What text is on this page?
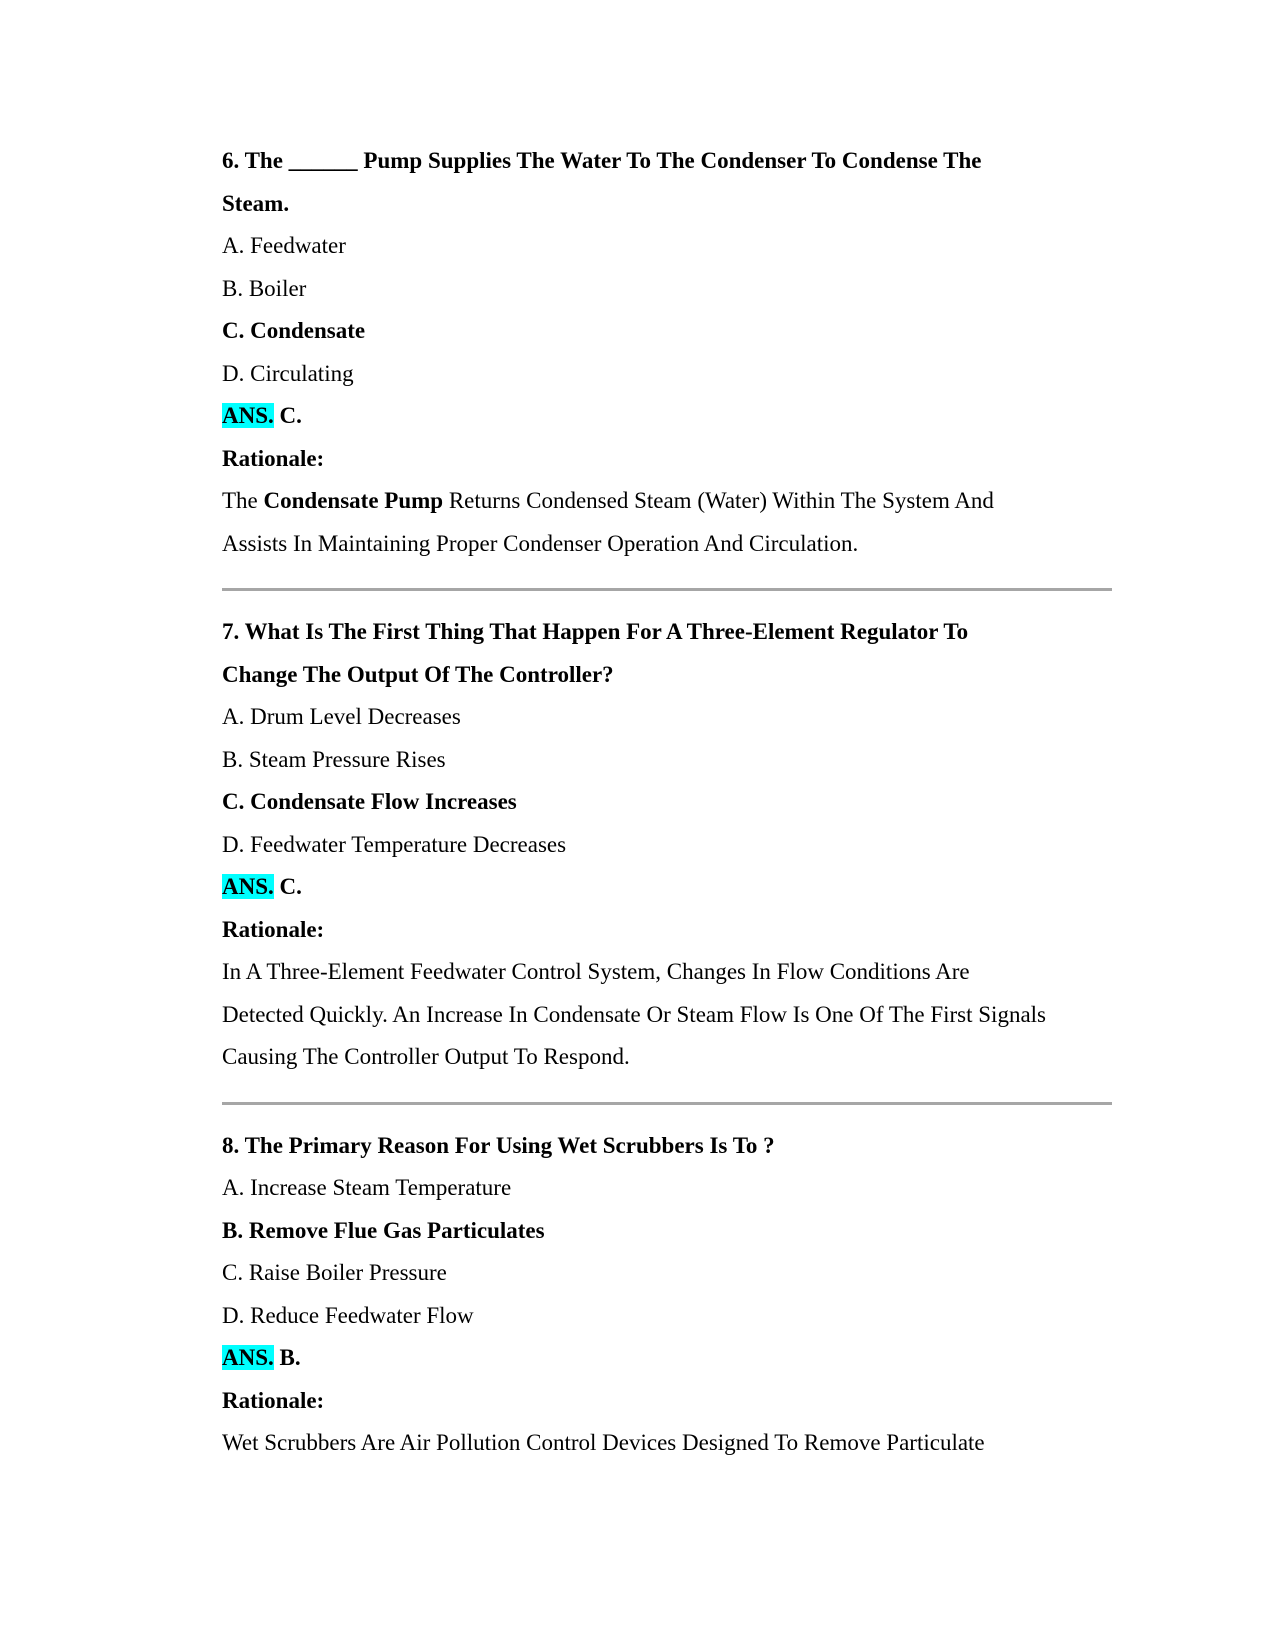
6. The ______ Pump Supplies The Water To The Condenser To Condense The

Steam.

A. Feedwater

B. Boiler

C. Condensate

D. Circulating

ANS. C.

Rationale:

The Condensate Pump Returns Condensed Steam (Water) Within The System And

Assists In Maintaining Proper Condenser Operation And Circulation.

7. What Is The First Thing That Happen For A Three-Element Regulator To

Change The Output Of The Controller?

A. Drum Level Decreases

B. Steam Pressure Rises

C. Condensate Flow Increases

D. Feedwater Temperature Decreases

ANS. C.

Rationale:

In A Three-Element Feedwater Control System, Changes In Flow Conditions Are

Detected Quickly. An Increase In Condensate Or Steam Flow Is One Of The First Signals

Causing The Controller Output To Respond.

8. The Primary Reason For Using Wet Scrubbers Is To ?

A. Increase Steam Temperature

B. Remove Flue Gas Particulates

C. Raise Boiler Pressure

D. Reduce Feedwater Flow

ANS. B.

Rationale:

Wet Scrubbers Are Air Pollution Control Devices Designed To Remove Particulate
